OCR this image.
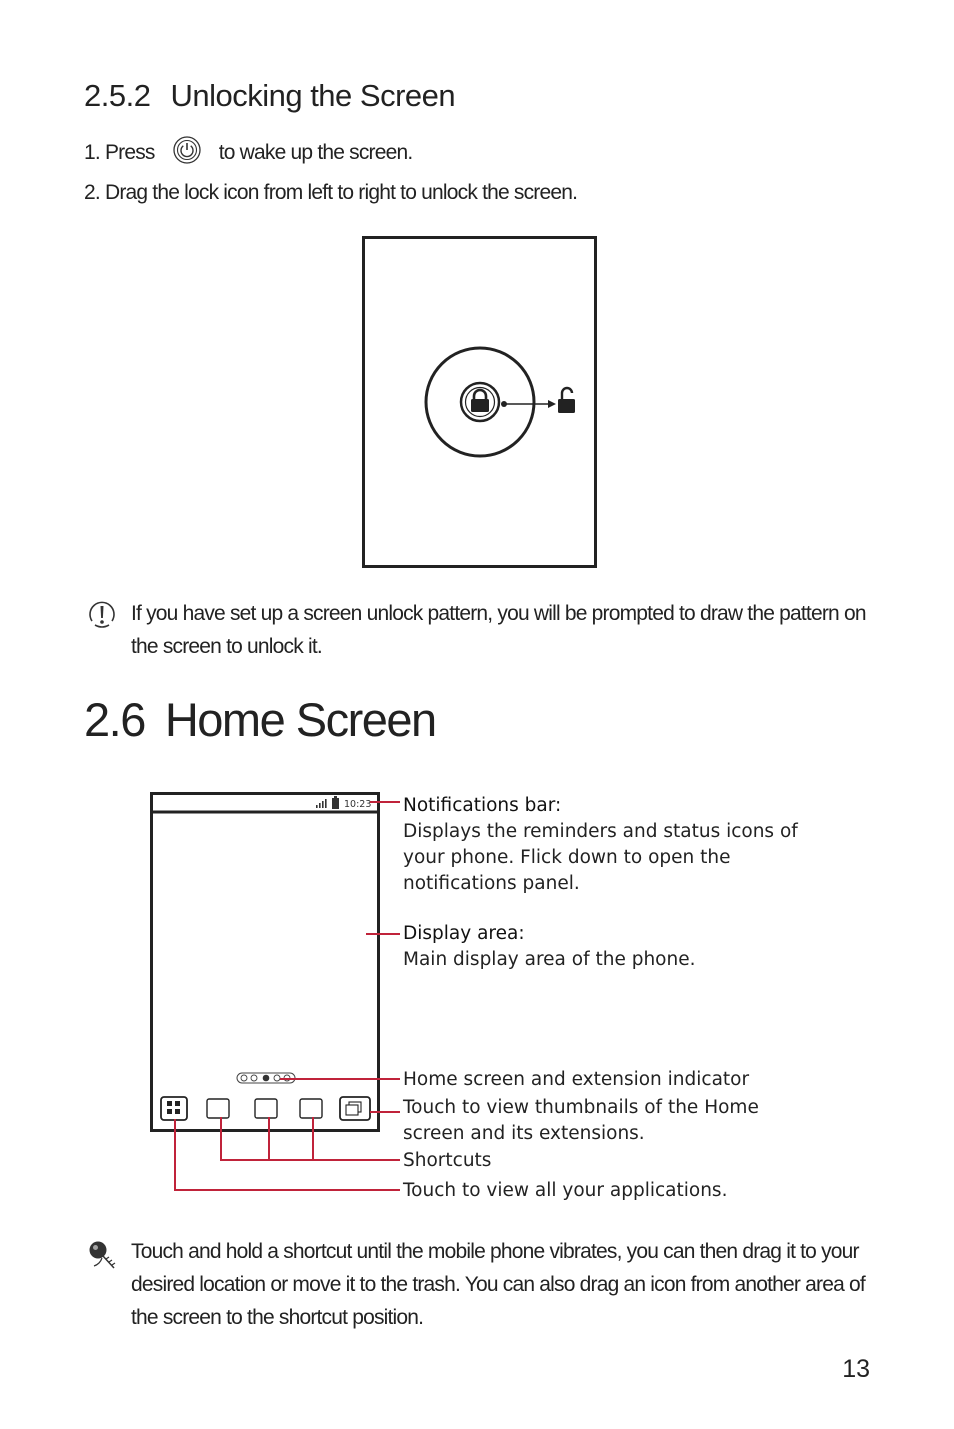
2.5.2 Unlocking the Screen
1. Press	to wake up the screen.
2. Drag the lock icon from left to right to unlock the screen.
If you have set up a screen unlock pattern, you will be prompted to draw the pattern on the screen to unlock it.
2.6 Home Screen
10:23 Notifications bar:
Displays the reminders and status icons of
your phone. Flick down to open the
notifications panel.
Display area:
Main display area of the phone.
Home screen and extension indicator
Touch to view thumbnails of the Home
screen and its extensions.
Shortcuts
Touch to view all your applications.
Touch and hold a shortcut until the mobile phone vibrates, you can then drag it to your desired location or move it to the trash. You can also drag an icon from another area of the screen to the shortcut position.
13
